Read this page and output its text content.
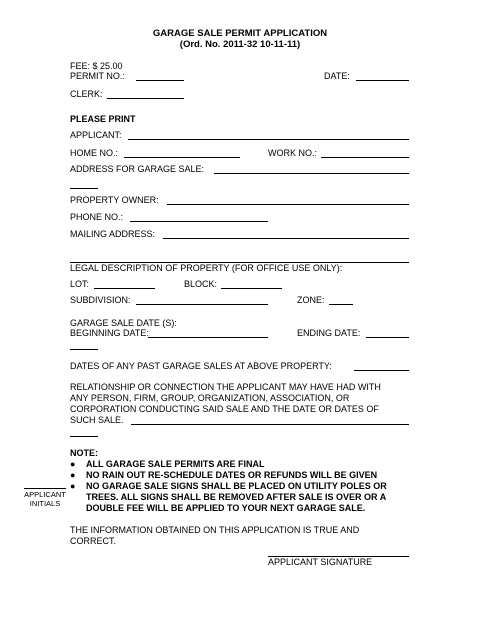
GARAGE SALE PERMIT APPLICATION
(Ord. No. 2011-32 10-11-11)
FEE: $ 25.00
PERMIT NO.:	DATE:
CLERK:
PLEASE PRINT
APPLICANT:
HOME NO.:	WORK NO.:
ADDRESS FOR GARAGE SALE:
PROPERTY OWNER:
PHONE NO.:
MAILING ADDRESS:
LEGAL DESCRIPTION OF PROPERTY (FOR OFFICE USE ONLY):
LOT:	BLOCK:
SUBDIVISION:	ZONE:
GARAGE SALE DATE (S):
BEGINNING DATE:	ENDING DATE:
DATES OF ANY PAST GARAGE SALES AT ABOVE PROPERTY:
RELATIONSHIP OR CONNECTION THE APPLICANT MAY HAVE HAD WITH
ANY PERSON, FIRM, GROUP, ORGANIZATION, ASSOCIATION, OR
CORPORATION CONDUCTING SAID SALE AND THE DATE OR DATES OF
SUCH SALE.
NOTE:
● ALL GARAGE SALE PERMITS ARE FINAL
● NO RAIN OUT RE-SCHEDULE DATES OR REFUNDS WILL BE GIVEN
● NO GARAGE SALE SIGNS SHALL BE PLACED ON UTILITY POLES OR TREES. ALL SIGNS SHALL BE REMOVED AFTER SALE IS OVER OR A DOUBLE FEE WILL BE APPLIED TO YOUR NEXT GARAGE SALE.
APPLICANT
INITIALS
THE INFORMATION OBTAINED ON THIS APPLICATION IS TRUE AND
CORRECT.
APPLICANT SIGNATURE
